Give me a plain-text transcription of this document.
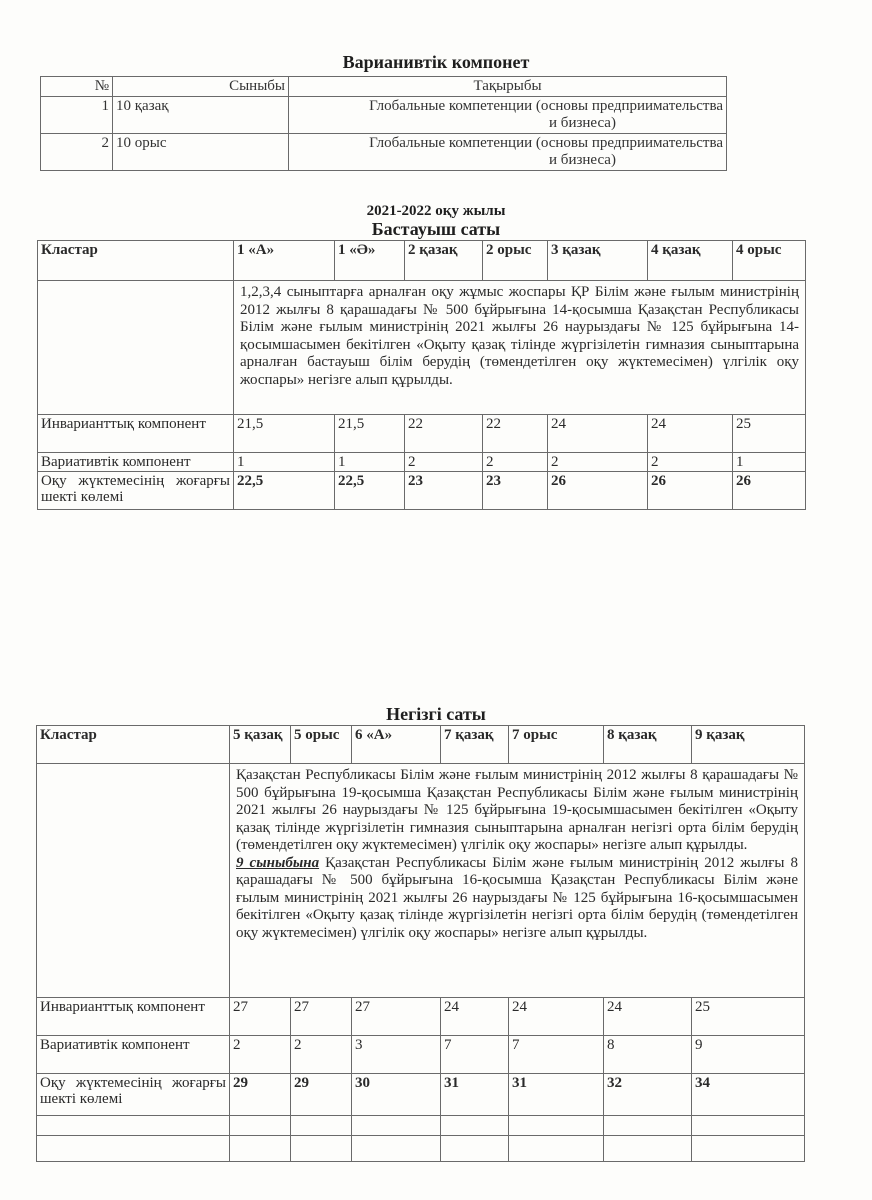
Варианивтік компонет
№	Сыныбы	Тақырыбы
1	10 қазақ	Глобальные компетенции (основы предприимательства
и бизнеса)

2	10 орыс	Глобальные компетенции (основы предприимательства
и бизнеса)
2021-2022 оқу жылы
Бастауыш саты
Кластар	1 «А»	1 «Ә»	2 қазақ	2 орыс	3 қазақ	4 қазақ	4 орыс
	1,2,3,4 сыныптарға арналған оқу жұмыс жоспары ҚР Білім және ғылым министрінің 2012 жылғы 8 қарашадағы № 500 бұйрығына 14-қосымша Қазақстан Республикасы Білім және ғылым министрінің 2021 жылғы 26 наурыздағы № 125 бұйрығына 14-қосымшасымен бекітілген «Оқыту қазақ тілінде жүргізілетін гимназия сыныптарына арналған бастауыш білім берудің (төмендетілген оқу жүктемесімен) үлгілік оқу жоспары» негізге алып құрылды.						
Инварианттық компонент	21,5	21,5	22	22	24	24	25
Вариативтік компонент	1	1	2	2	2	2	1
Оқу жүктемесінің жоғарғы шекті көлемі	22,5	22,5	23	23	26	26	26
Негізгі саты
Кластар	5 қазақ	5 орыс	6 «А»	7 қазақ	7 орыс	8 қазақ	9 қазақ

	Қазақстан Республикасы Білім және ғылым министрінің 2012 жылғы 8 қарашадағы № 500 бұйрығына 19-қосымша Қазақстан Республикасы Білім және ғылым министрінің 2021 жылғы 26 наурыздағы № 125 бұйрығына 19-қосымшасымен бекітілген «Оқыту қазақ тілінде жүргізілетін гимназия сыныптарына арналған негізгі орта білім берудің (төмендетілген оқу жүктемесімен) үлгілік оқу жоспары» негізге алып құрылды.
9 сыныбына Қазақстан Республикасы Білім және ғылым министрінің 2012 жылғы 8 қарашадағы № 500 бұйрығына 16-қосымша Қазақстан Республикасы Білім және ғылым министрінің 2021 жылғы 26 наурыздағы № 125 бұйрығына 16-қосымшасымен бекітілген «Оқыту қазақ тілінде жүргізілетін негізгі орта білім берудің (төмендетілген оқу жүктемесімен) үлгілік оқу жоспары» негізге алып құрылды.						
Инварианттық компонент	27	27	27	24	24	24	25
Вариативтік компонент	2	2	3	7	7	8	9
Оқу жүктемесінің жоғарғы шекті көлемі	29	29	30	31	31	32	34
